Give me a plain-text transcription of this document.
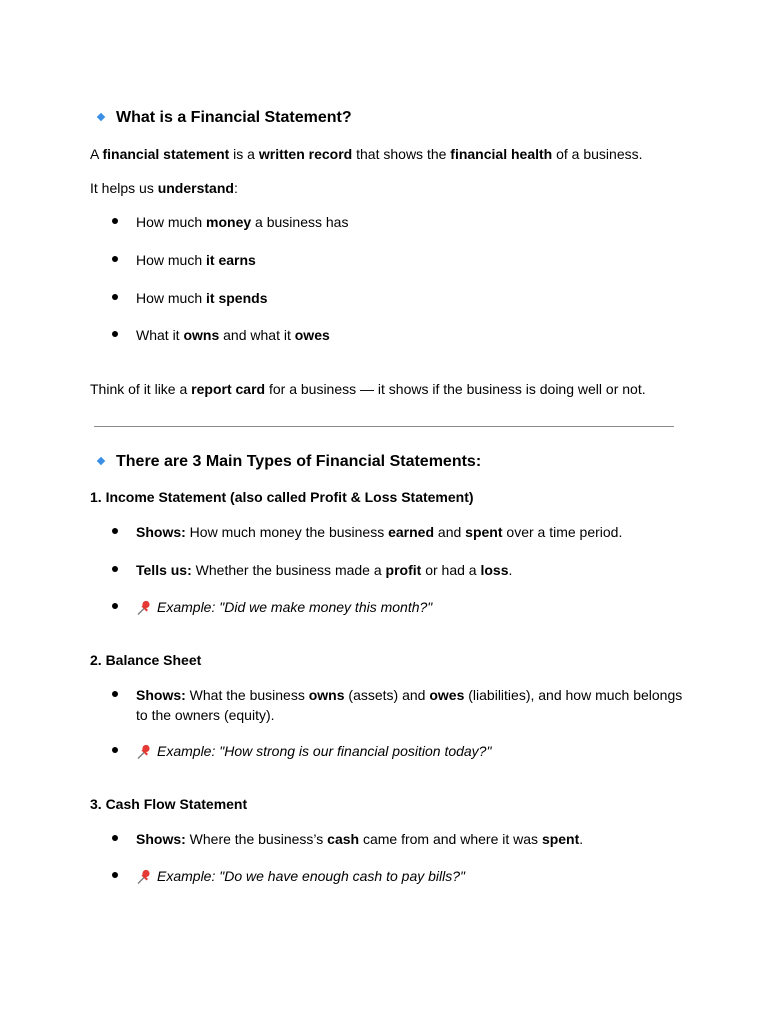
What is a Financial Statement?
A financial statement is a written record that shows the financial health of a business.
It helps us understand:
How much money a business has
How much it earns
How much it spends
What it owns and what it owes
Think of it like a report card for a business — it shows if the business is doing well or not.
There are 3 Main Types of Financial Statements:
1. Income Statement (also called Profit & Loss Statement)
Shows: How much money the business earned and spent over a time period.
Tells us: Whether the business made a profit or had a loss.
Example: "Did we make money this month?"
2. Balance Sheet
Shows: What the business owns (assets) and owes (liabilities), and how much belongs to the owners (equity).
Example: "How strong is our financial position today?"
3. Cash Flow Statement
Shows: Where the business’s cash came from and where it was spent.
Example: "Do we have enough cash to pay bills?"
